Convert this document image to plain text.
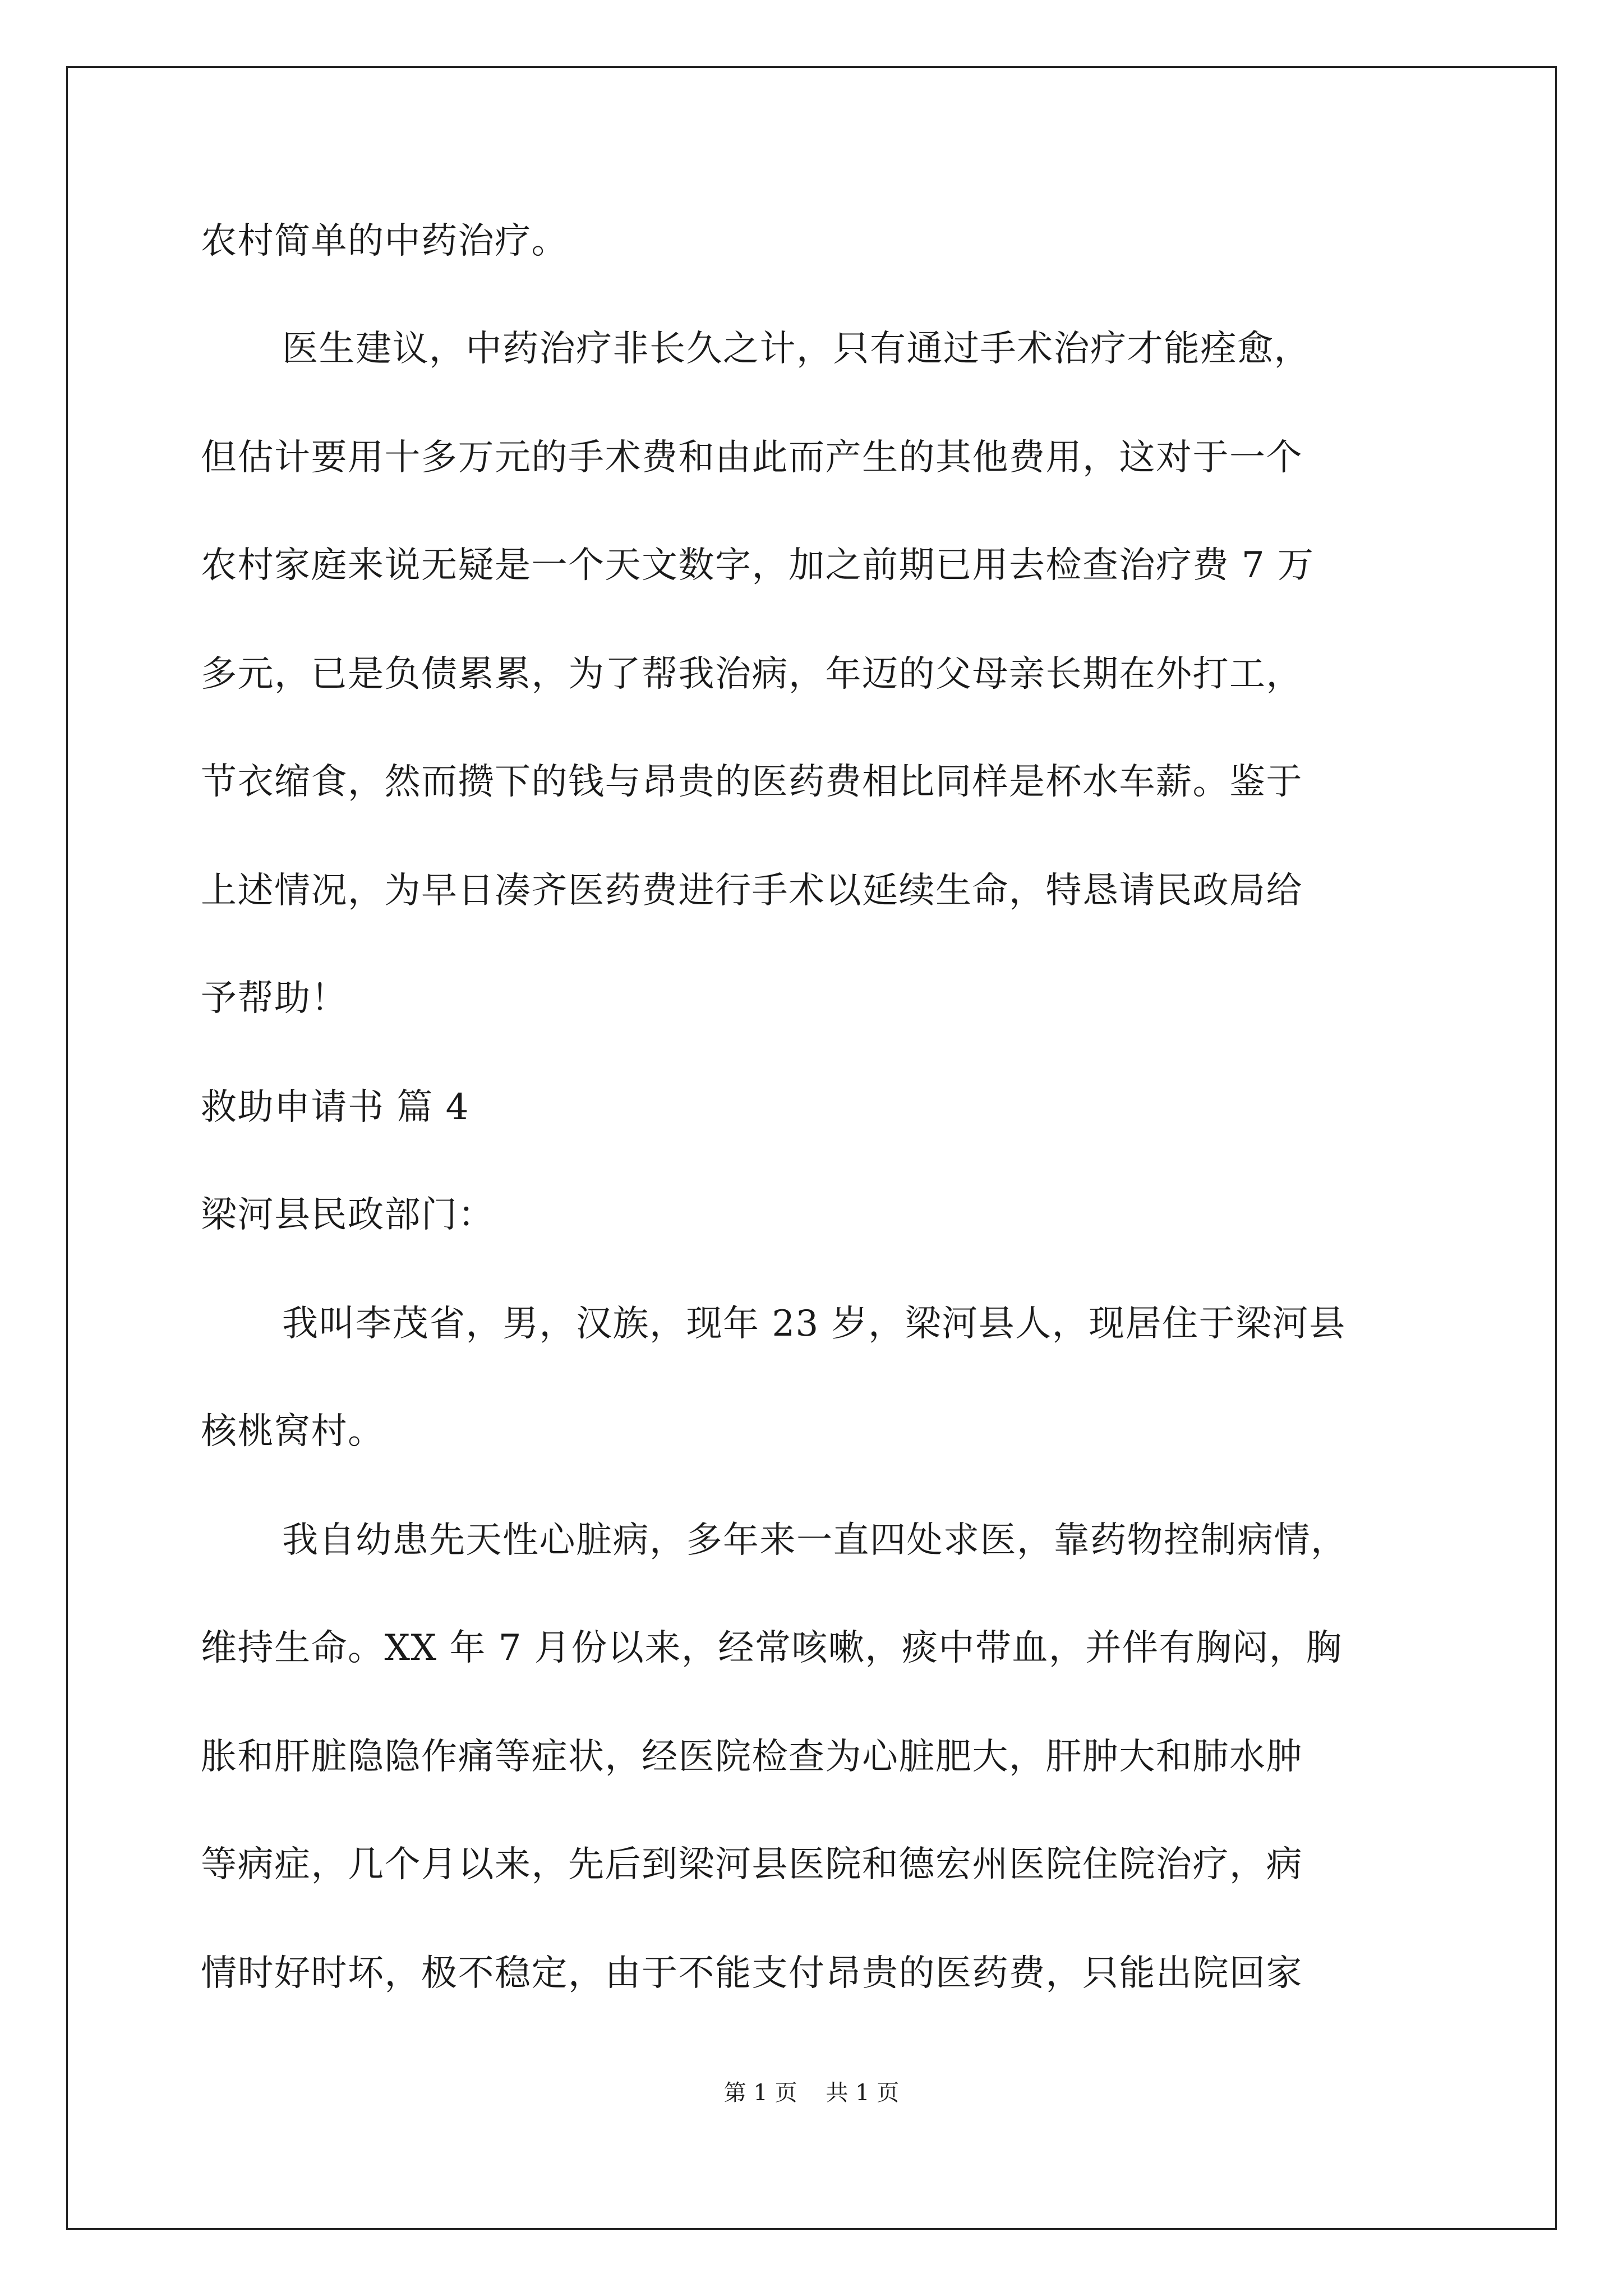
农村简单的中药治疗。
医生建议，中药治疗非长久之计，只有通过手术治疗才能痊愈，
但估计要用十多万元的手术费和由此而产生的其他费用，这对于一个
农村家庭来说无疑是一个天文数字，加之前期已用去检查治疗费 7 万
多元，已是负债累累，为了帮我治病，年迈的父母亲长期在外打工，
节衣缩食，然而攒下的钱与昂贵的医药费相比同样是杯水车薪。鉴于
上述情况，为早日凑齐医药费进行手术以延续生命，特恳请民政局给
予帮助！
救助申请书 篇 4
梁河县民政部门：
我叫李茂省，男，汉族，现年 23 岁，梁河县人，现居住于梁河县
核桃窝村。
我自幼患先天性心脏病，多年来一直四处求医，靠药物控制病情，
维持生命。XX 年 7 月份以来，经常咳嗽，痰中带血，并伴有胸闷，胸
胀和肝脏隐隐作痛等症状，经医院检查为心脏肥大，肝肿大和肺水肿
等病症，几个月以来，先后到梁河县医院和德宏州医院住院治疗，病
情时好时坏，极不稳定，由于不能支付昂贵的医药费，只能出院回家
第 1 页    共 1 页
